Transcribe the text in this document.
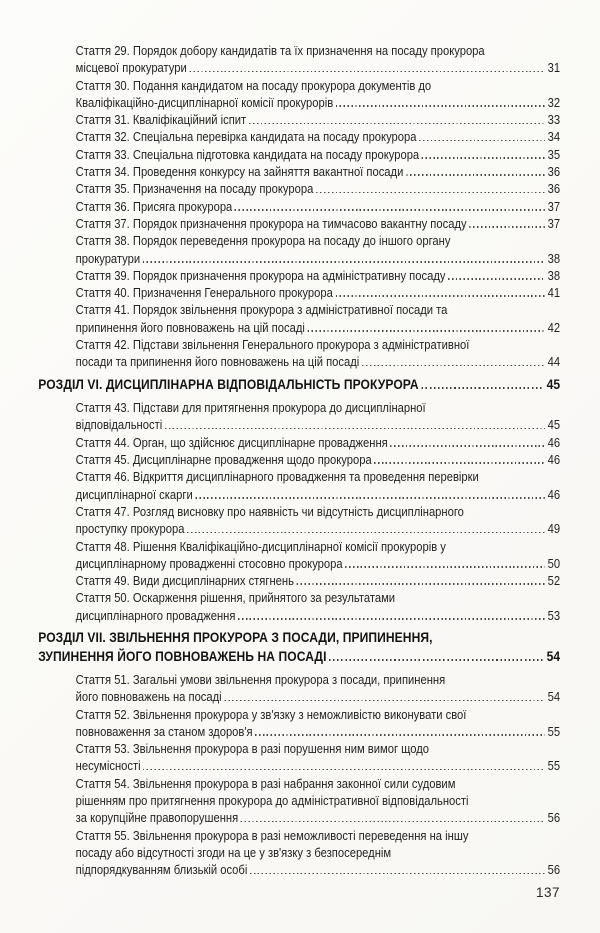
Стаття 29. Порядок добору кандидатів та їх призначення на посаду прокурора
місцевої прокуратури	31
Стаття 30. Подання кандидатом на посаду прокурора документів до
Кваліфікаційно-дисциплінарної комісії прокурорів	32
Стаття 31. Кваліфікаційний іспит	33
Стаття 32. Спеціальна перевірка кандидата на посаду прокурора	34
Стаття 33. Спеціальна підготовка кандидата на посаду прокурора	35
Стаття 34. Проведення конкурсу на зайняття вакантної посади	36
Стаття 35. Призначення на посаду прокурора	36
Стаття 36. Присяга прокурора	37
Стаття 37. Порядок призначення прокурора на тимчасово вакантну посаду	37
Стаття 38. Порядок переведення прокурора на посаду до іншого органу
прокуратури	38
Стаття 39. Порядок призначення прокурора на адміністративну посаду	38
Стаття 40. Призначення Генерального прокурора	41
Стаття 41. Порядок звільнення прокурора з адміністративної посади та
припинення його повноважень на цій посаді	42
Стаття 42. Підстави звільнення Генерального прокурора з адміністративної
посади та припинення його повноважень на цій посаді	44
РОЗДІЛ VI. ДИСЦИПЛІНАРНА ВІДПОВІДАЛЬНІСТЬ ПРОКУРОРА	45
Стаття 43. Підстави для притягнення прокурора до дисциплінарної
відповідальності	45
Стаття 44. Орган, що здійснює дисциплінарне провадження	46
Стаття 45. Дисциплінарне провадження щодо прокурора	46
Стаття 46. Відкриття дисциплінарного провадження та проведення перевірки
дисциплінарної скарги	46
Стаття 47. Розгляд висновку про наявність чи відсутність дисциплінарного
проступку прокурора	49
Стаття 48. Рішення Кваліфікаційно-дисциплінарної комісії прокурорів у
дисциплінарному провадженні стосовно прокурора	50
Стаття 49. Види дисциплінарних стягнень	52
Стаття 50. Оскарження рішення, прийнятого за результатами
дисциплінарного провадження	53
РОЗДІЛ VII. ЗВІЛЬНЕННЯ ПРОКУРОРА З ПОСАДИ, ПРИПИНЕННЯ,
ЗУПИНЕННЯ ЙОГО ПОВНОВАЖЕНЬ НА ПОСАДІ	54
Стаття 51. Загальні умови звільнення прокурора з посади, припинення
його повноважень на посаді	54
Стаття 52. Звільнення прокурора у зв'язку з неможливістю виконувати свої
повноваження за станом здоров'я	55
Стаття 53. Звільнення прокурора в разі порушення ним вимог щодо
несумісності	55
Стаття 54. Звільнення прокурора в разі набрання законної сили судовим
рішенням про притягнення прокурора до адміністративної відповідальності
за корупційне правопорушення	56
Стаття 55. Звільнення прокурора в разі неможливості переведення на іншу
посаду або відсутності згоди на це у зв'язку з безпосереднім
підпорядкуванням близькій особі	56
137
